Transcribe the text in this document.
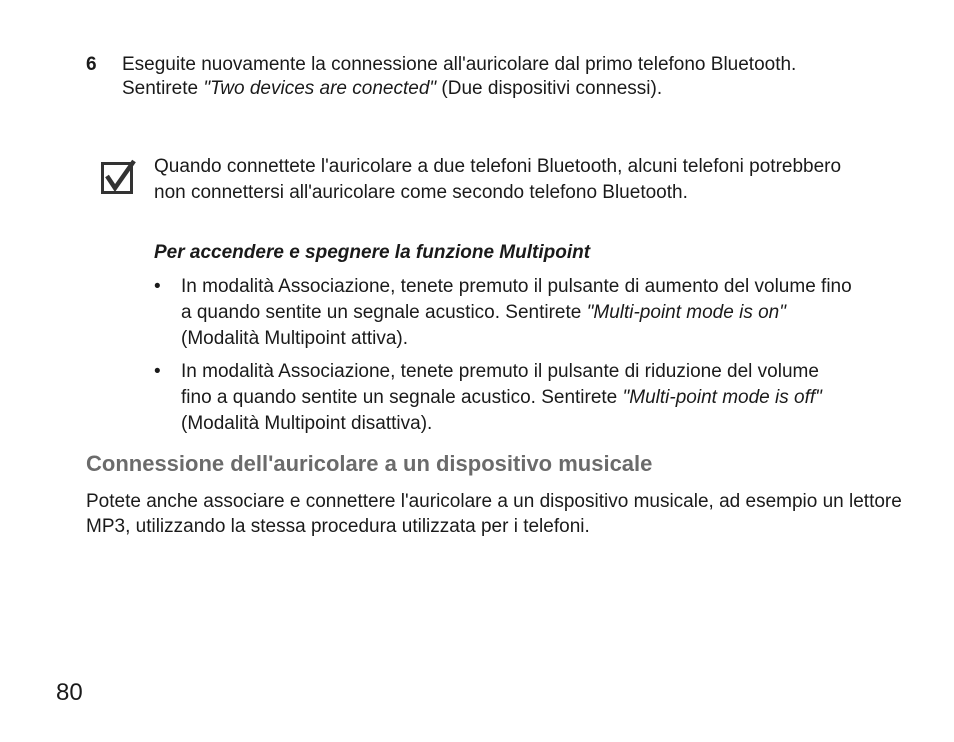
6 Eseguite nuovamente la connessione all'auricolare dal primo telefono Bluetooth.

Sentirete "Two devices are conected" (Due dispositivi connessi).

Quando connettete l'auricolare a due telefoni Bluetooth, alcuni telefoni potrebbero non connettersi all'auricolare come secondo telefono Bluetooth.

Per accendere e spegnere la funzione Multipoint

• In modalità Associazione, tenete premuto il pulsante di aumento del volume fino a quando sentite un segnale acustico. Sentirete "Multi-point mode is on" (Modalità Multipoint attiva).
• In modalità Associazione, tenete premuto il pulsante di riduzione del volume fino a quando sentite un segnale acustico. Sentirete "Multi-point mode is off" (Modalità Multipoint disattiva).
Connessione dell'auricolare a un dispositivo musicale

Potete anche associare e connettere l'auricolare a un dispositivo musicale, ad esempio un lettore MP3, utilizzando la stessa procedura utilizzata per i telefoni.

80
